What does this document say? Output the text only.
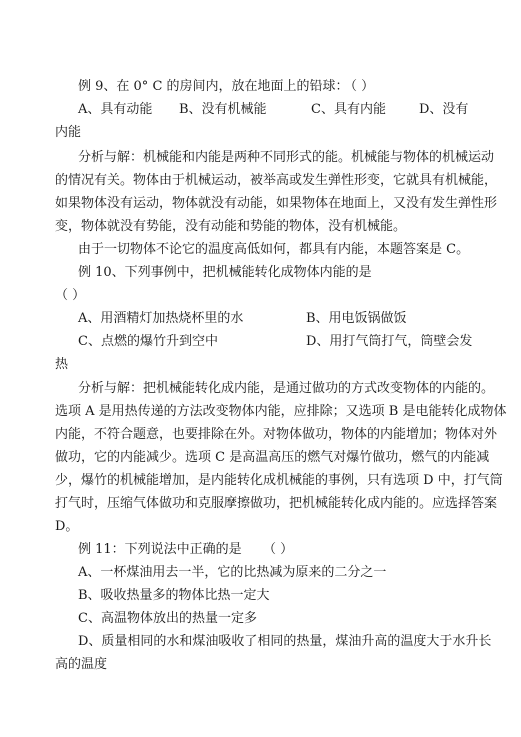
例 9、在 0° C 的房间内，放在地面上的铅球：
（ ）
A、具有动能 B、没有机械能	C、具有内能	D、没有
内能
分析与解：机械能和内能是两种不同形式的能。机械能与物体的机械运动
的情况有关。物体由于机械运动，被举高或发生弹性形变，它就具有机械能，
如果物体没有运动，物体就没有动能，如果物体在地面上，又没有发生弹性形
变，物体就没有势能，没有动能和势能的物体，没有机械能。
由于一切物体不论它的温度高低如何，都具有内能，本题答案是 C。
例 10、下列事例中，把机械能转化成物体内能的是
（ ）
A、用酒精灯加热烧杯里的水	B、用电饭锅做饭
C、点燃的爆竹升到空中	D、用打气筒打气，筒壁会发
热
分析与解：把机械能转化成内能，是通过做功的方式改变物体的内能的。
选项 A 是用热传递的方法改变物体内能，应排除；又选项 B 是电能转化成物体
内能，不符合题意，也要排除在外。对物体做功，物体的内能增加；物体对外
做功，它的内能减少。选项 C 是高温高压的燃气对爆竹做功，燃气的内能减
少，爆竹的机械能增加，是内能转化成机械能的事例，只有选项 D 中，打气筒
打气时，压缩气体做功和克服摩擦做功，把机械能转化成内能的。应选择答案
D。
例 11：下列说法中正确的是 （ ）
A、一杯煤油用去一半，它的比热减为原来的二分之一
B、吸收热量多的物体比热一定大
C、高温物体放出的热量一定多
D、质量相同的水和煤油吸收了相同的热量，煤油升高的温度大于水升长
高的温度
